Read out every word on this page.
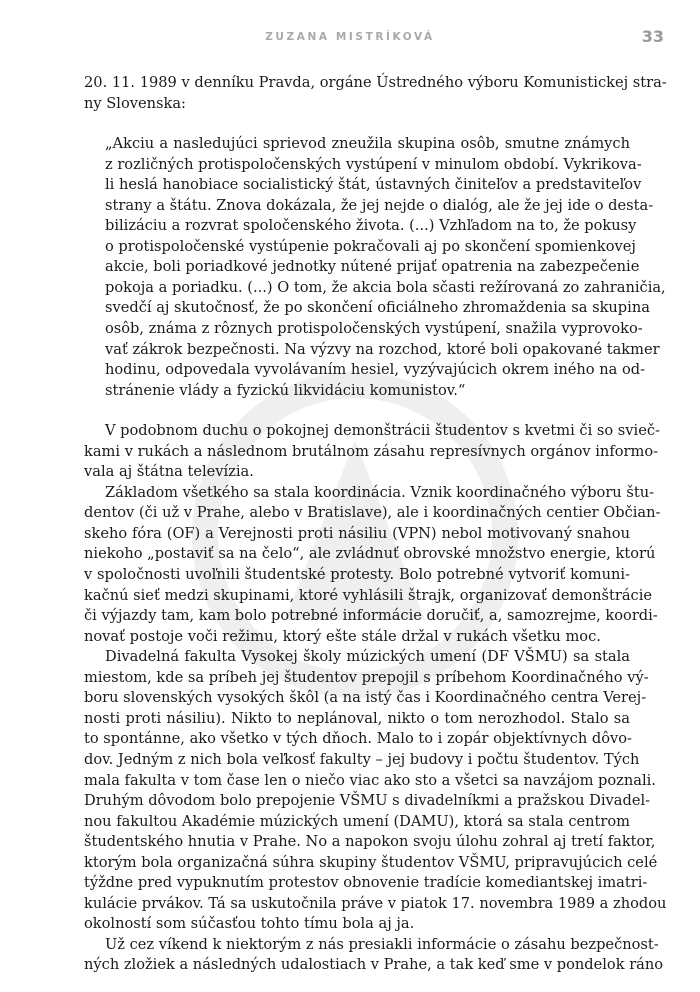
ZUZANA MISTRÍKOVÁ	33
20. 11. 1989 v denníku Pravda, orgáne Ústredného výboru Komunistickej stra-
ny Slovenska:
„Akciu a nasledujúci sprievod zneužila skupina osôb, smutne známych
z rozličných protispoločenských vystúpení v minulom období. Vykrikova-
li heslá hanobiace socialistický štát, ústavných činiteľov a predstaviteľov
strany a štátu. Znova dokázala, že jej nejde o dialóg, ale že jej ide o desta-
bilizáciu a rozvrat spoločenského života. (...) Vzhľadom na to, že pokusy
o protispoločenské vystúpenie pokračovali aj po skončení spomienkovej
akcie, boli poriadkové jednotky nútené prijať opatrenia na zabezpečenie
pokoja a poriadku. (...) O tom, že akcia bola sčasti režírovaná zo zahraničia,
svedčí aj skutočnosť, že po skončení oficiálneho zhromaždenia sa skupina
osôb, známa z rôznych protispoločenských vystúpení, snažila vyprovoko-
vať zákrok bezpečnosti. Na výzvy na rozchod, ktoré boli opakované takmer
hodinu, odpovedala vyvolávaním hesiel, vyzývajúcich okrem iného na od-
stránenie vlády a fyzickú likvidáciu komunistov.“
V podobnom duchu o pokojnej demonštrácii študentov s kvetmi či so svieč-
kami v rukách a následnom brutálnom zásahu represívnych orgánov informo-
vala aj štátna televízia.
Základom všetkého sa stala koordinácia. Vznik koordinačného výboru štu-
dentov (či už v Prahe, alebo v Bratislave), ale i koordinačných centier Občian-
skeho fóra (OF) a Verejnosti proti násiliu (VPN) nebol motivovaný snahou
niekoho „postaviť sa na čelo“, ale zvládnuť obrovské množstvo energie, ktorú
v spoločnosti uvoľnili študentské protesty. Bolo potrebné vytvoriť komuni-
kačnú sieť medzi skupinami, ktoré vyhlásili štrajk, organizovať demonštrácie
či výjazdy tam, kam bolo potrebné informácie doručiť, a, samozrejme, koordi-
novať postoje voči režimu, ktorý ešte stále držal v rukách všetku moc.
Divadelná fakulta Vysokej školy múzických umení (DF VŠMU) sa stala
miestom, kde sa príbeh jej študentov prepojil s príbehom Koordinačného vý-
boru slovenských vysokých škôl (a na istý čas i Koordinačného centra Verej-
nosti proti násiliu). Nikto to neplánoval, nikto o tom nerozhodol. Stalo sa
to spontánne, ako všetko v tých dňoch. Malo to i zopár objektívnych dôvo-
dov. Jedným z nich bola veľkosť fakulty – jej budovy i počtu študentov. Tých
mala fakulta v tom čase len o niečo viac ako sto a všetci sa navzájom poznali.
Druhým dôvodom bolo prepojenie VŠMU s divadelníkmi a pražskou Divadel-
nou fakultou Akadémie múzických umení (DAMU), ktorá sa stala centrom
študentského hnutia v Prahe. No a napokon svoju úlohu zohral aj tretí faktor,
ktorým bola organizačná súhra skupiny študentov VŠMU, pripravujúcich celé
týždne pred vypuknutím protestov obnovenie tradície komediantskej imatri-
kulácie prvákov. Tá sa uskutočnila práve v piatok 17. novembra 1989 a zhodou
okolností som súčasťou tohto tímu bola aj ja.
Už cez víkend k niektorým z nás presiakli informácie o zásahu bezpečnost-
ných zložiek a následných udalostiach v Prahe, a tak keď sme v pondelok ráno
